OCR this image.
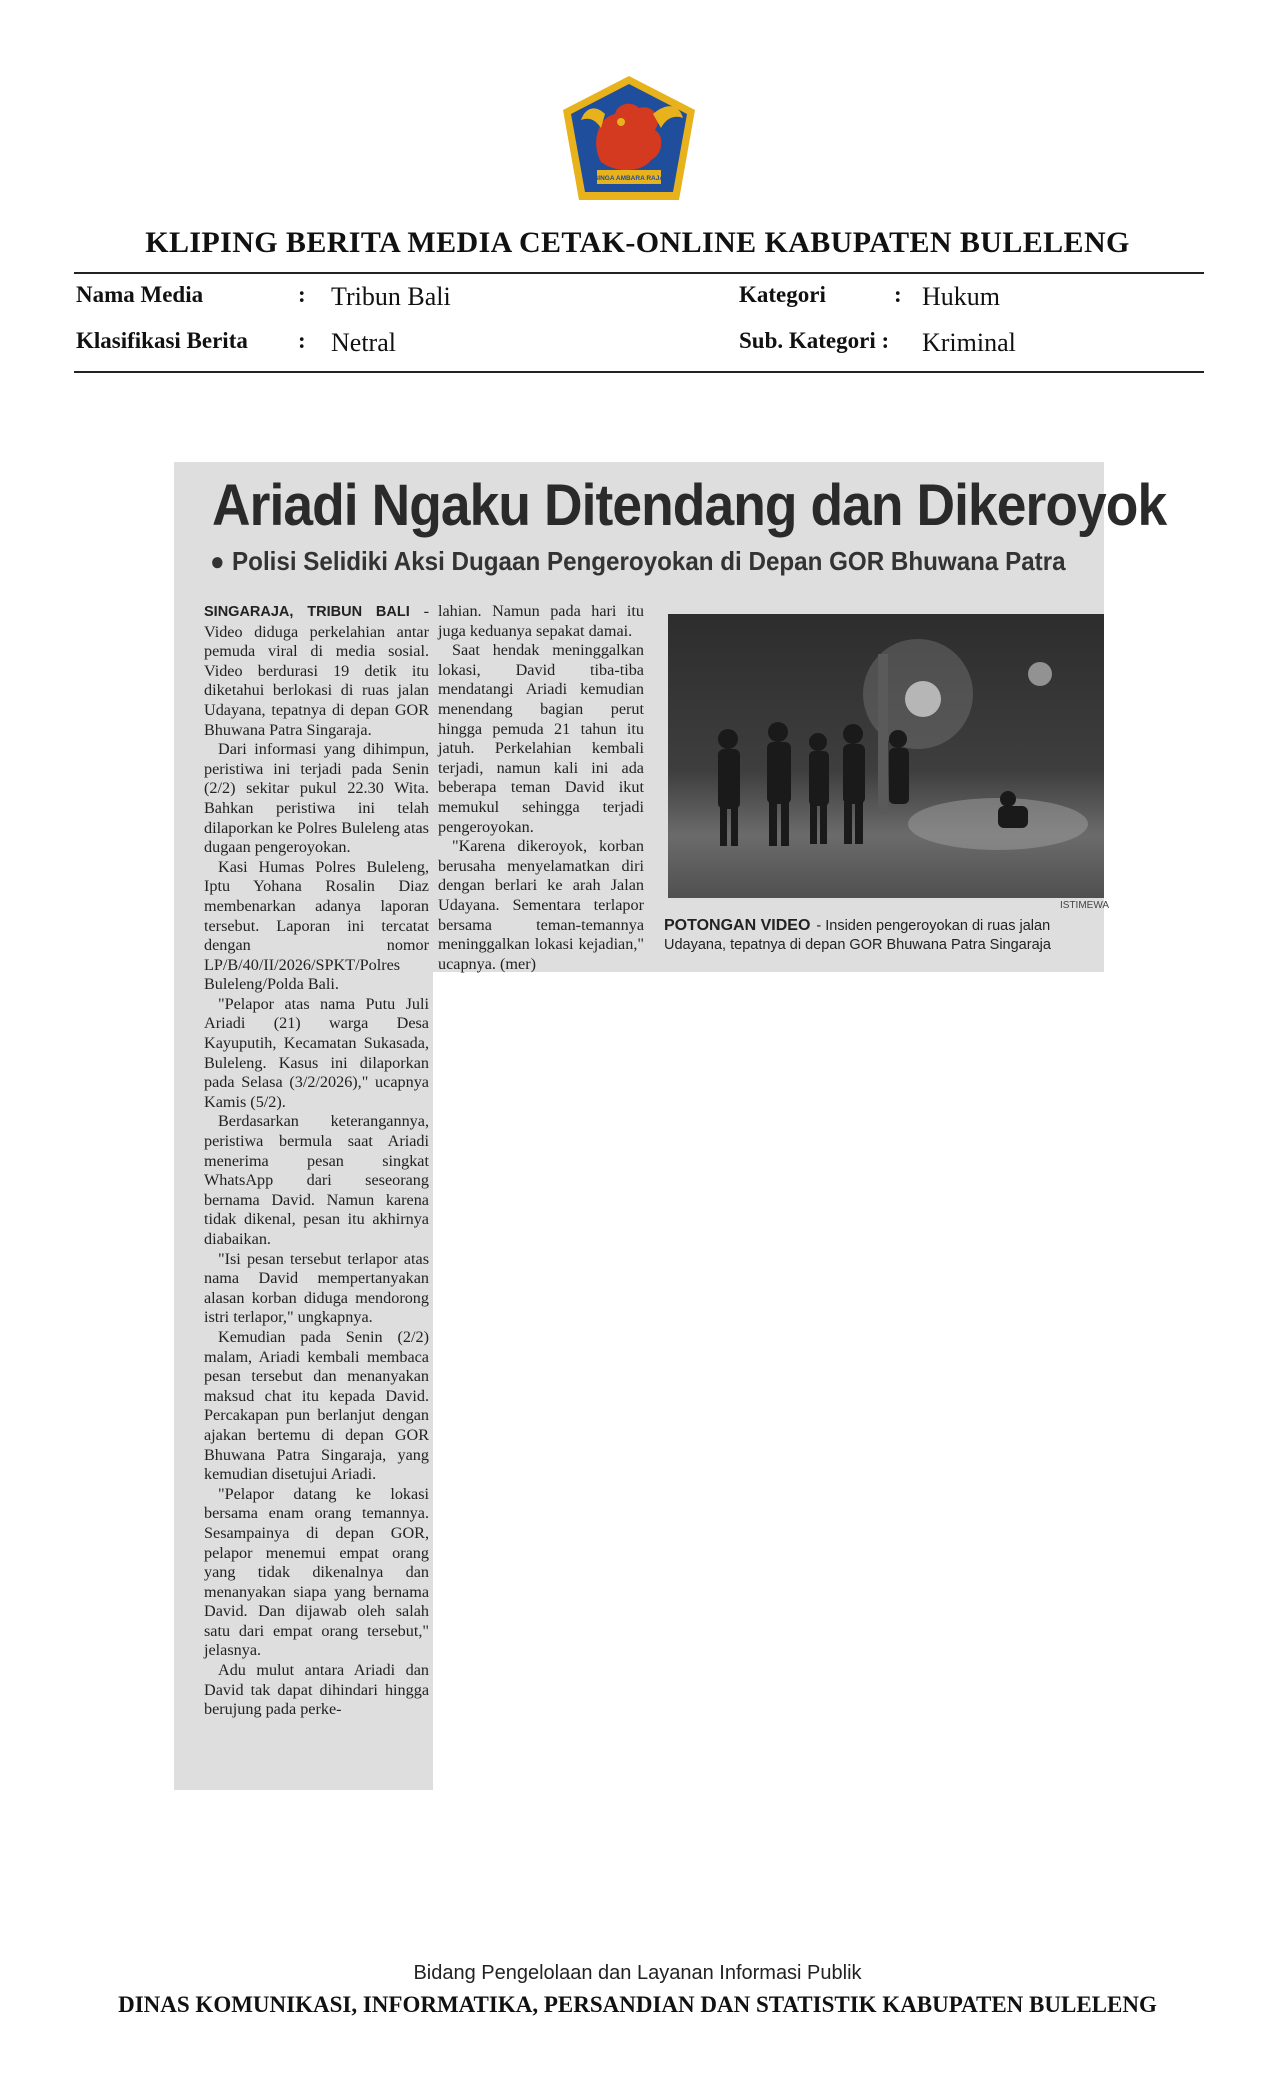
SINGA AMBARA RAJA
KLIPING BERITA MEDIA CETAK-ONLINE KABUPATEN BULELENG
Nama Media	: Tribun Bali	Kategori	: Hukum
Klasifikasi Berita : Netral	Sub. Kategori : Kriminal
Ariadi Ngaku Ditendang dan Dikeroyok
● Polisi Selidiki Aksi Dugaan Pengeroyokan di Depan GOR Bhuwana Patra

SINGARAJA, TRIBUN BALI - Video diduga perkelahian antar pemuda viral di media sosial. Video berdurasi 19 detik itu diketahui berlokasi di ruas jalan Udayana, tepatnya di depan GOR Bhuwana Patra Singaraja.

Dari informasi yang dihimpun, peristiwa ini terjadi pada Senin (2/2) sekitar pukul 22.30 Wita. Bahkan peristiwa ini telah dilaporkan ke Polres Buleleng atas dugaan pengeroyokan.

Kasi Humas Polres Buleleng, Iptu Yohana Rosalin Diaz membenarkan adanya laporan tersebut. Laporan ini tercatat dengan nomor LP/B/40/II/2026/SPKT/Polres Buleleng/Polda Bali.

"Pelapor atas nama Putu Juli Ariadi (21) warga Desa Kayuputih, Kecamatan Sukasada, Buleleng. Kasus ini dilaporkan pada Selasa (3/2/2026)," ucapnya Kamis (5/2).

Berdasarkan keterangannya, peristiwa bermula saat Ariadi menerima pesan singkat WhatsApp dari seseorang bernama David. Namun karena tidak dikenal, pesan itu akhirnya diabaikan.

"Isi pesan tersebut terlapor atas nama David mempertanyakan alasan korban diduga mendorong istri terlapor," ungkapnya.

Kemudian pada Senin (2/2) malam, Ariadi kembali membaca pesan tersebut dan menanyakan maksud chat itu kepada David. Percakapan pun berlanjut dengan ajakan bertemu di depan GOR Bhuwana Patra Singaraja, yang kemudian disetujui Ariadi.

"Pelapor datang ke lokasi bersama enam orang temannya. Sesampainya di depan GOR, pelapor menemui empat orang yang tidak dikenalnya dan menanyakan siapa yang bernama David. Dan dijawab oleh salah satu dari empat orang tersebut," jelasnya.

Adu mulut antara Ariadi dan David tak dapat dihindari hingga berujung pada perke-

lahian. Namun pada hari itu juga keduanya sepakat damai.

Saat hendak meninggalkan lokasi, David tiba-tiba mendatangi Ariadi kemudian menendang bagian perut hingga pemuda 21 tahun itu jatuh. Perkelahian kembali terjadi, namun kali ini ada beberapa teman David ikut memukul sehingga terjadi pengeroyokan.

"Karena dikeroyok, korban berusaha menyelamatkan diri dengan berlari ke arah Jalan Udayana. Sementara terlapor bersama teman-temannya meninggalkan lokasi kejadian," ucapnya. (mer)

ISTIMEWA
POTONGAN VIDEO - Insiden pengeroyokan di ruas jalan Udayana, tepatnya di depan GOR Bhuwana Patra Singaraja
Bidang Pengelolaan dan Layanan Informasi Publik
DINAS KOMUNIKASI, INFORMATIKA, PERSANDIAN DAN STATISTIK KABUPATEN BULELENG
